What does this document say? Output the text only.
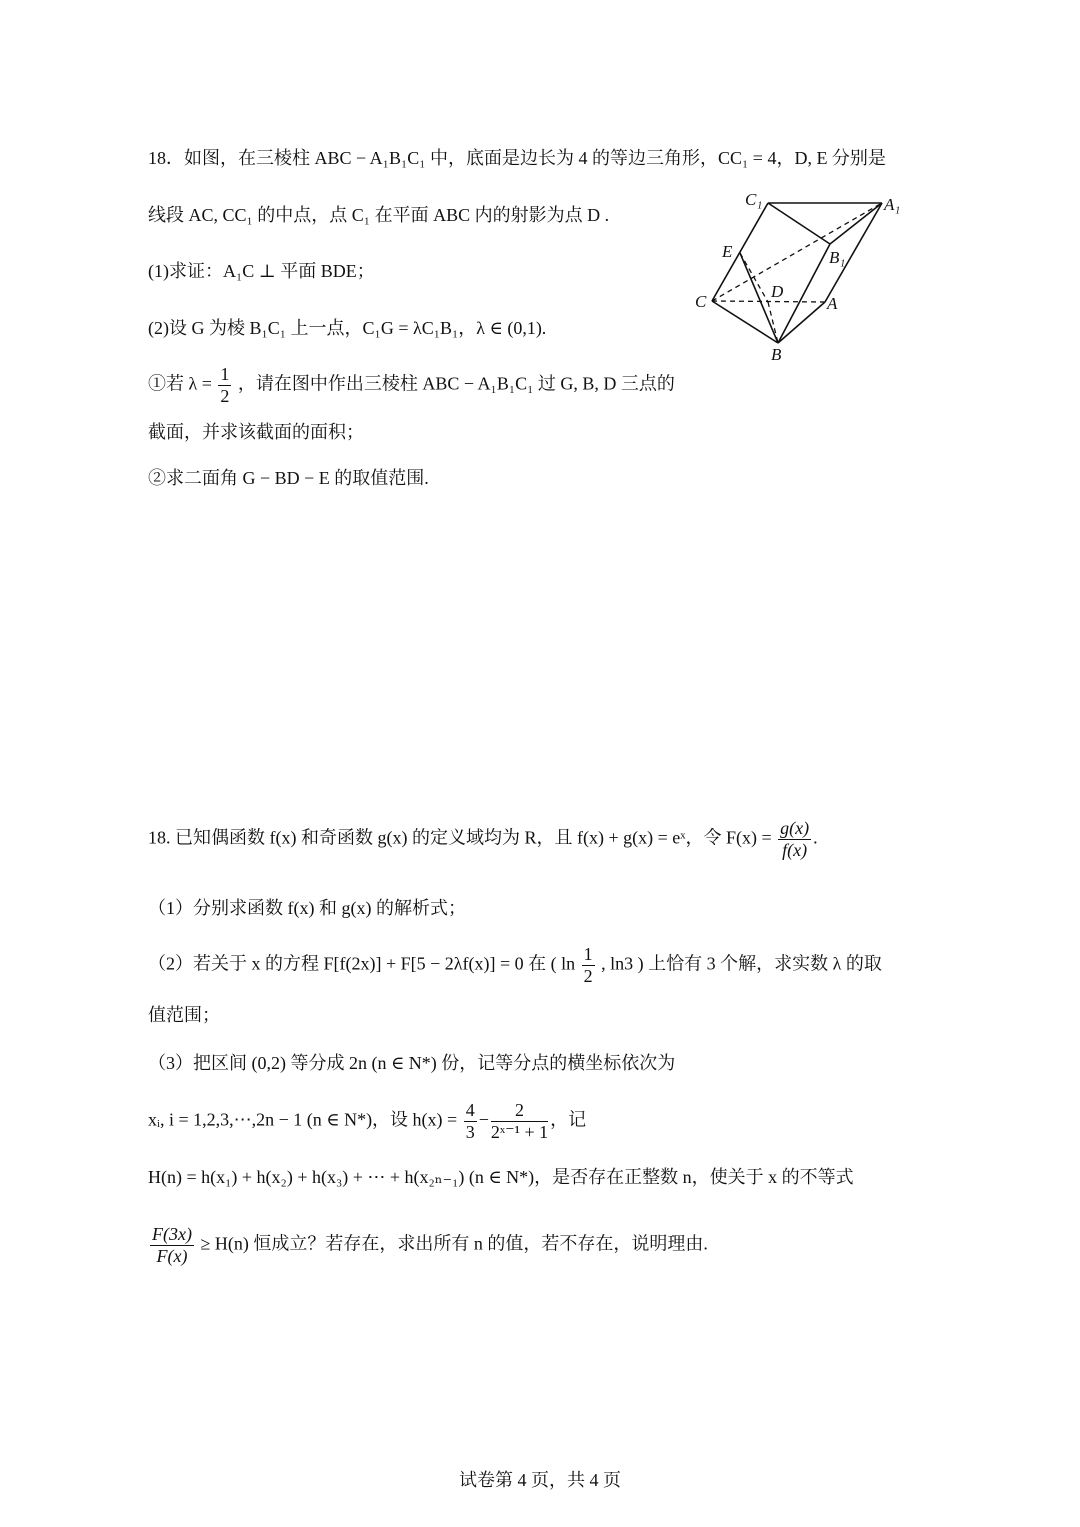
18．如图，在三棱柱 ABC − A₁B₁C₁ 中，底面是边长为 4 的等边三角形，CC₁ = 4，D, E 分别是
线段 AC, CC₁ 的中点，点 C₁ 在平面 ABC 内的射影为点 D .
(1)求证：A₁C ⊥ 平面 BDE；
(2)设 G 为棱 B₁C₁ 上一点，C₁G = λC₁B₁，λ ∈ (0,1).
①若 $\lambda = \frac{1}{2}$ ，请在图中作出三棱柱 ABC − A₁B₁C₁ 过 G, B, D 三点的
截面，并求该截面的面积；
②求二面角 G − BD − E 的取值范围.
C₁	A₁
E	B₁
C
D
A
B
18. 已知偶函数 f(x) 和奇函数 g(x) 的定义域均为 R，且 f(x) + g(x) = eˣ，令 $F(x) = \frac{g(x)}{f(x)}$ .
（1）分别求函数 f(x) 和 g(x) 的解析式；
（2）若关于 x 的方程 F[f(2x)] + F[5 − 2λf(x)] = 0 在 ( $\ln \frac{1}{2}$ , ln3 ) 上恰有 3 个解，求实数 λ 的取
值范围；
（3）把区间 (0,2) 等分成 2n (n ∈ N*) 份，记等分点的横坐标依次为
xᵢ, i = 1,2,3,⋯,2n − 1 (n ∈ N*)，设 $h(x) = \frac{4}{3} - \frac{2}{\text{2ˣ⁻¹ + 1}}$ ，记
H(n) = h(x₁) + h(x₂) + h(x₃) + ⋯ + h(x₂ₙ₋₁) (n ∈ N*)，是否存在正整数 n，使关于 x 的不等式
$\frac{F(3x)}{F(x)} \ge H(n)$ 恒成立？若存在，求出所有 n 的值，若不存在，说明理由.
试卷第 4 页，共 4 页
